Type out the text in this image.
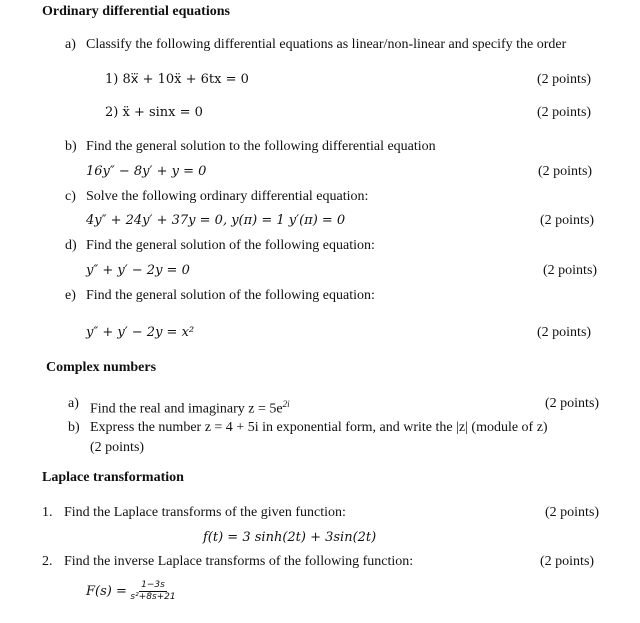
Ordinary differential equations
a) Classify the following differential equations as linear/non-linear and specify the order
1) 8x⃛ + 10ẍ + 6tx = 0	(2 points)
2) ẍ + sinx = 0	(2 points)
b) Find the general solution to the following differential equation
16y″ − 8y′ + y = 0	(2 points)
c) Solve the following ordinary differential equation:
4y″ + 24y′ + 37y = 0, y(π) = 1 y′(π) = 0	(2 points)
d) Find the general solution of the following equation:
y″ + y′ − 2y = 0	(2 points)
e) Find the general solution of the following equation:
y″ + y′ − 2y = x²	(2 points)
Complex numbers
a) Find the real and imaginary $z = 5e^{2i}$	(2 points)
b) Express the number z = 4 + 5i in exponential form, and write the |z| (module of z)
(2 points)
Laplace transformation
1. Find the Laplace transforms of the given function:	(2 points)
f(t) = 3 sinh(2t) + 3sin(2t)
2. Find the inverse Laplace transforms of the following function:	(2 points)
$F(s) = \frac{1-3s}{\text{s²+8s+21}}$
